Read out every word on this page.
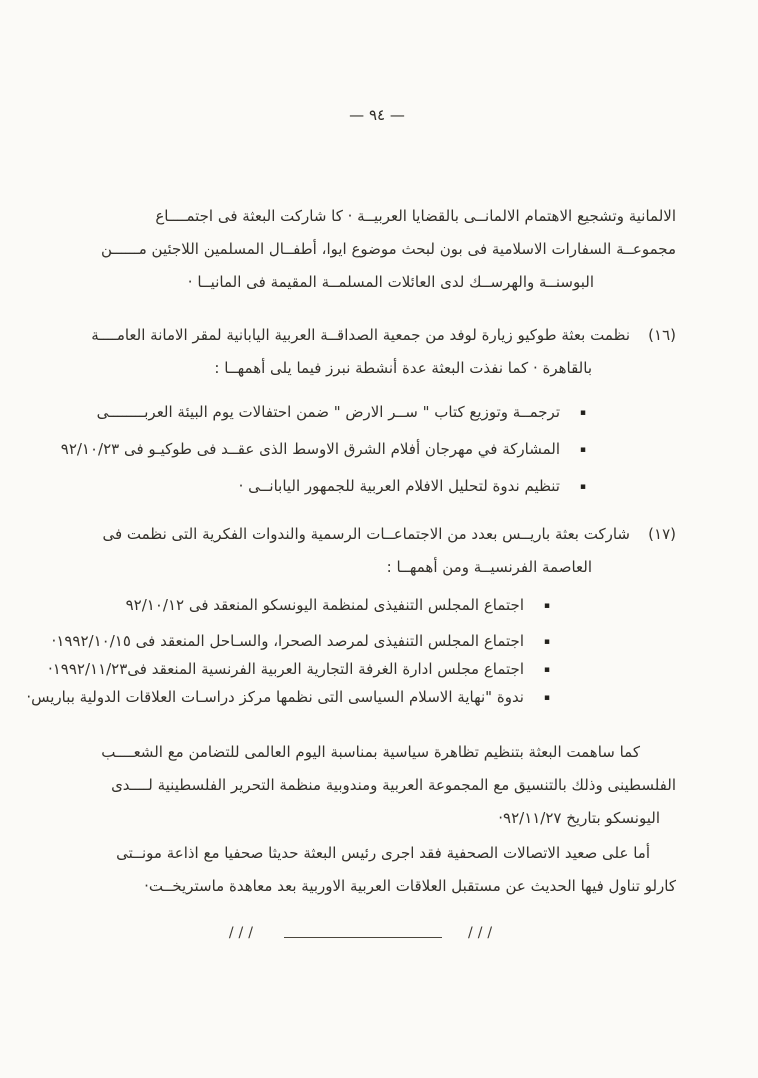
— ٩٤ —
الالمانية وتشجيع الاهتمام الالمانــى بالقضايا العربيــة · كا شاركت البعثة فى اجتمــــاع
مجموعــة السفارات الاسلامية فى بون لبحث موضوع ايوا، أطفــال المسلمين اللاجئين مــــــن
البوسنــة والهرســك لدى العائلات المسلمــة المقيمة فى المانيــا ·
(١٦)
نظمت بعثة طوكيو زيارة لوفد من جمعية الصداقــة العربية اليابانية لمقر الامانة العامــــة
بالقاهرة · كما نفذت البعثة عدة أنشطة نبرز فيما يلى أهمهــا :
▪
ترجمــة وتوزيع كتاب " ســر الارض " ضمن احتفالات يوم البيئة العربــــــــى
▪
المشاركة في مهرجان أفلام الشرق الاوسط الذى عقــد فى طوكيـو فى ٩٢/١٠/٢٣
▪
تنظيم ندوة لتحليل الافلام العربية للجمهور اليابانــى ·
(١٧)
شاركت بعثة باريــس بعدد من الاجتماعــات الرسمية والندوات الفكرية التى نظمت فى
العاصمة الفرنسيــة ومن أهمهــا :
▪
اجتماع المجلس التنفيذى لمنظمة اليونسكو المنعقد فى ٩٢/١٠/١٢
▪
اجتماع المجلس التنفيذى لمرصد الصحرا، والسـاحل المنعقد فى ١٩٩٢/١٠/١٥·
▪
اجتماع مجلس ادارة الغرفة التجارية العربية الفرنسية المنعقد فى١٩٩٢/١١/٢٣·
▪
ندوة "نهاية الاسلام السياسى التى نظمها مركز دراسـات العلاقات الدولية بباريس·
كما ساهمت البعثة بتنظيم تظاهرة سياسية بمناسبة اليوم العالمى للتضامن مع الشعــــب
الفلسطينى وذلك بالتنسيق مع المجموعة العربية ومندوبية منظمة التحرير الفلسطينية لــــدى
اليونسكو بتاريخ ٩٢/١١/٢٧·
أما على صعيد الاتصالات الصحفية فقد اجرى رئيس البعثة حديثا صحفيا مع اذاعة مونــتى
كارلو تناول فيها الحديث عن مستقبل العلاقات العربية الاوربية بعد معاهدة ماستريخــت·
///	///
